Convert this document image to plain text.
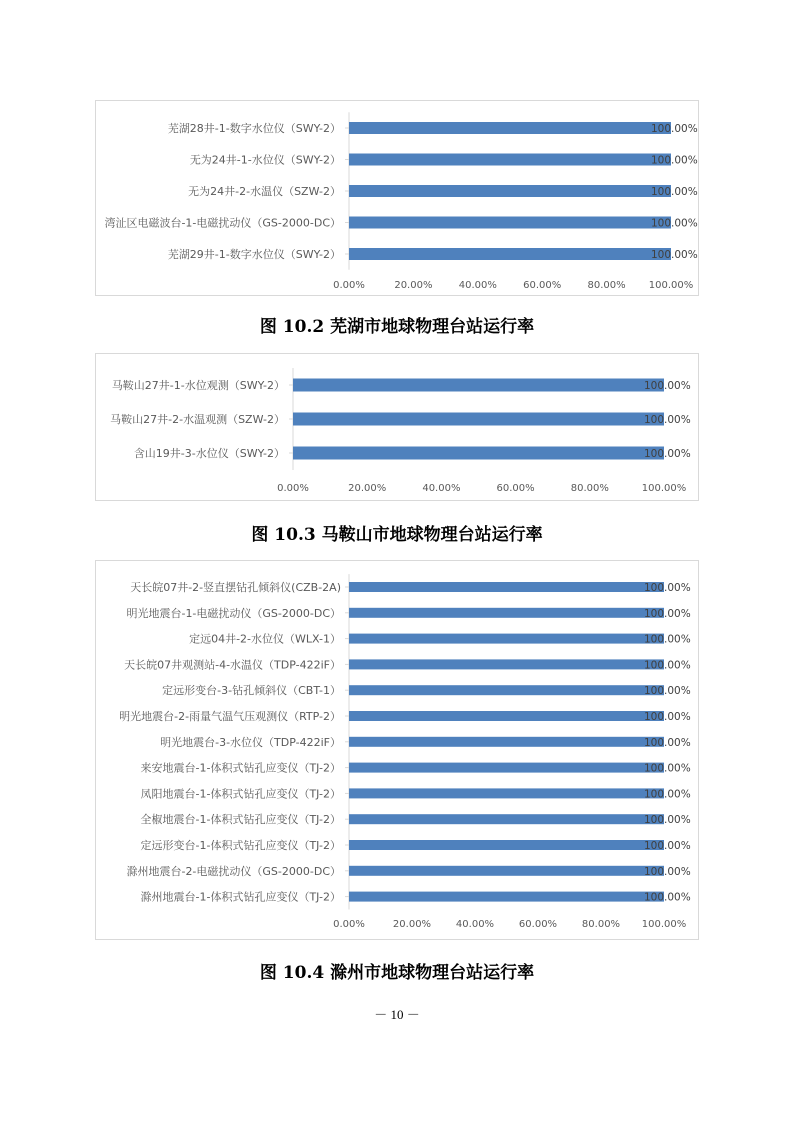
芜湖28井-1-数字水位仪（SWY-2）	100.00%
无为24井-1-水位仪（SWY-2）	100.00%
无为24井-2-水温仪（SZW-2）	100.00%
湾沚区电磁波台-1-电磁扰动仪（GS-2000-DC）	100.00%
芜湖29井-1-数字水位仪（SWY-2）	100.00%
0.00%	20.00%	40.00%	60.00%	80.00% 100.00%
图 10.2 芜湖市地球物理台站运行率
马鞍山27井-1-水位观测（SWY-2）	100.00%
马鞍山27井-2-水温观测（SZW-2）	100.00%
含山19井-3-水位仪（SWY-2）	100.00%
0.00%	20.00%	40.00%	60.00%	80.00%	100.00%
图 10.3 马鞍山市地球物理台站运行率
天长皖07井-2-竖直摆钻孔倾斜仪(CZB-2A)	100.00%
明光地震台-1-电磁扰动仪（GS-2000-DC）	100.00%
定远04井-2-水位仪（WLX-1）	100.00%
天长皖07井观测站-4-水温仪（TDP-422iF）	100.00%
定远形变台-3-钻孔倾斜仪（CBT-1）	100.00%
明光地震台-2-雨量气温气压观测仪（RTP-2）	100.00%
明光地震台-3-水位仪（TDP-422iF）	100.00%
来安地震台-1-体积式钻孔应变仪（TJ-2）	100.00%
凤阳地震台-1-体积式钻孔应变仪（TJ-2）	100.00%
全椒地震台-1-体积式钻孔应变仪（TJ-2）	100.00%
定远形变台-1-体积式钻孔应变仪（TJ-2）	100.00%
滁州地震台-2-电磁扰动仪（GS-2000-DC）	100.00%
滁州地震台-1-体积式钻孔应变仪（TJ-2）	100.00%
0.00%	20.00% 40.00% 60.00% 80.00% 100.00%
图 10.4 滁州市地球物理台站运行率
－ 10 －
